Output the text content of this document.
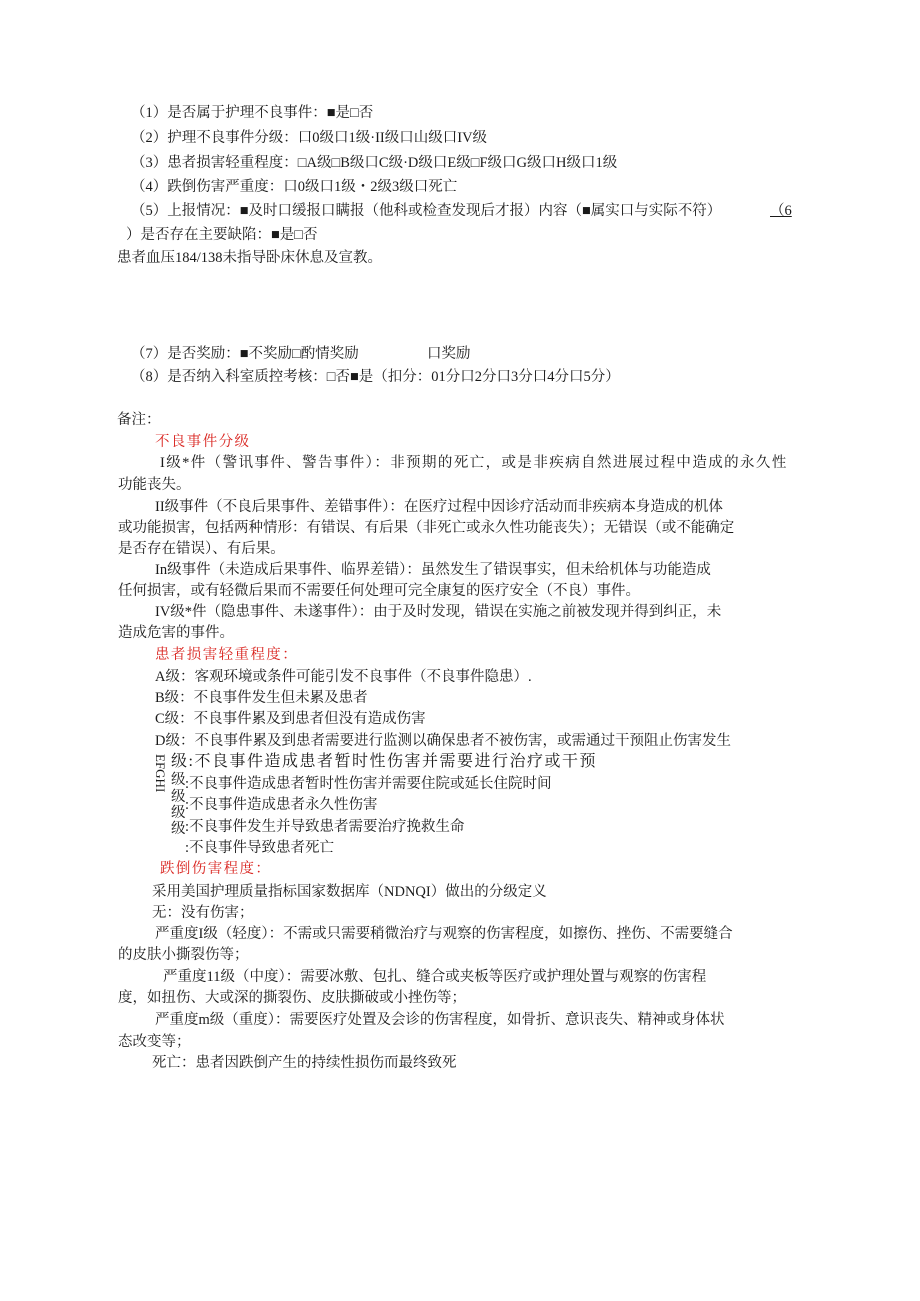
（1）是否属于护理不良事件：■是□否
（2）护理不良事件分级：口0级口1级·II级口山级口IV级
（3）患者损害轻重程度：□A级□B级口C级·D级口E级□F级口G级口H级口1级
（4）跌倒伤害严重度：口0级口1级・2级3级口死亡
（5）上报情况：■及时口缓报口瞒报（他科或检查发现后才报）内容（■属实口与实际不符）	（6
）是否存在主要缺陷：■是□否
患者血压184/138未指导卧床休息及宣教。
（7）是否奖励：■不奖励□酌情奖励	口奖励
（8）是否纳入科室质控考核：□否■是（扣分：01分口2分口3分口4分口5分）
备注：
不良事件分级
I级*件（警讯事件、警告事件）：非预期的死亡，或是非疾病自然进展过程中造成的永久性
功能丧失。
II级事件（不良后果事件、差错事件）：在医疗过程中因诊疗活动而非疾病本身造成的机体
或功能损害，包括两种情形：有错误、有后果（非死亡或永久性功能丧失）；无错误（或不能确定
是否存在错误）、有后果。
In级事件（未造成后果事件、临界差错）：虽然发生了错误事实，但未给机体与功能造成
任何损害，或有轻微后果而不需要任何处理可完全康复的医疗安全（不良）事件。
IV级*件（隐患事件、未遂事件）：由于及时发现，错误在实施之前被发现并得到纠正，未
造成危害的事件。
患者损害轻重程度：
A级：客观环境或条件可能引发不良事件（不良事件隐患）.
B级：不良事件发生但未累及患者
C级：不良事件累及到患者但没有造成伤害
D级：不良事件累及到患者需要进行监测以确保患者不被伤害，或需通过干预阻止伤害发生
EFGHI 级:不良事件造成患者暂时性伤害并需要进行治疗或干预
级
级
级
级
:不良事件造成患者暂时性伤害并需要住院或延长住院时间
:不良事件造成患者永久性伤害
:不良事件发生并导致患者需要治疗挽救生命
:不良事件导致患者死亡
跌倒伤害程度：
采用美国护理质量指标国家数据库（NDNQI）做出的分级定义
无：没有伤害；
严重度I级（轻度）：不需或只需要稍微治疗与观察的伤害程度，如擦伤、挫伤、不需要缝合
的皮肤小撕裂伤等；
严重度11级（中度）：需要冰敷、包扎、缝合或夹板等医疗或护理处置与观察的伤害程
度，如扭伤、大或深的撕裂伤、皮肤撕破或小挫伤等；
严重度m级（重度）：需要医疗处置及会诊的伤害程度，如骨折、意识丧失、精神或身体状
态改变等；
死亡：患者因跌倒产生的持续性损伤而最终致死
